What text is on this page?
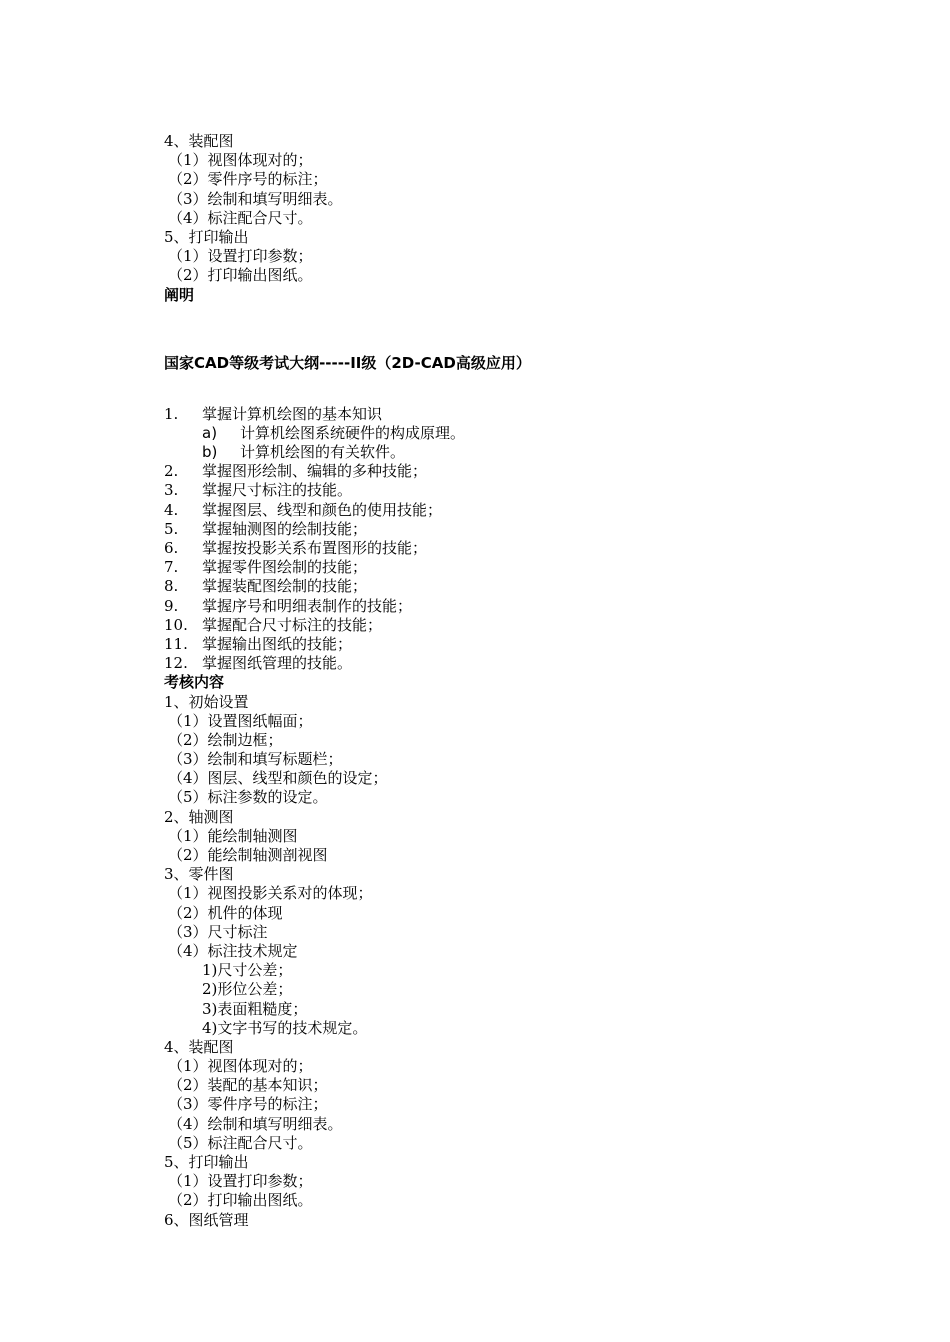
4、装配图
（1）视图体现对的；
（2）零件序号的标注；
（3）绘制和填写明细表。
（4）标注配合尺寸。
5、打印输出
（1）设置打印参数；
（2）打印输出图纸。
阐明
国家CAD等级考试大纲-----II级（2D-CAD高级应用）
1. 掌握计算机绘图的基本知识
a) 计算机绘图系统硬件的构成原理。
b) 计算机绘图的有关软件。
2. 掌握图形绘制、编辑的多种技能；
3. 掌握尺寸标注的技能。
4. 掌握图层、线型和颜色的使用技能；
5. 掌握轴测图的绘制技能；
6. 掌握按投影关系布置图形的技能；
7. 掌握零件图绘制的技能；
8. 掌握装配图绘制的技能；
9. 掌握序号和明细表制作的技能；
10. 掌握配合尺寸标注的技能；
11. 掌握输出图纸的技能；
12. 掌握图纸管理的技能。
考核内容
1、初始设置
（1）设置图纸幅面；
（2）绘制边框；
（3）绘制和填写标题栏；
（4）图层、线型和颜色的设定；
（5）标注参数的设定。
2、轴测图
（1）能绘制轴测图
（2）能绘制轴测剖视图
3、零件图
（1）视图投影关系对的体现；
（2）机件的体现
（3）尺寸标注
（4）标注技术规定
1)尺寸公差；
2)形位公差；
3)表面粗糙度；
4)文字书写的技术规定。
4、装配图
（1）视图体现对的；
（2）装配的基本知识；
（3）零件序号的标注；
（4）绘制和填写明细表。
（5）标注配合尺寸。
5、打印输出
（1）设置打印参数；
（2）打印输出图纸。
6、图纸管理
